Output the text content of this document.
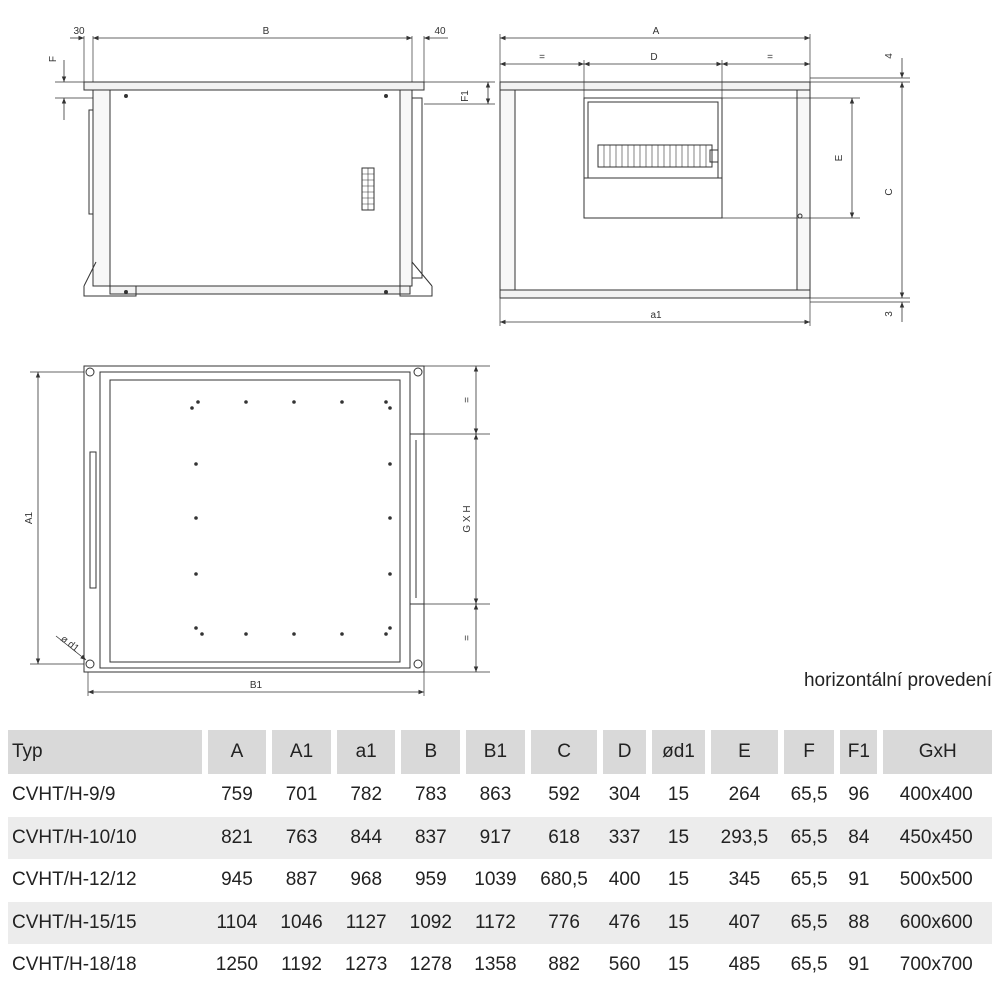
30	B	40
F
F1
A
=	D	=	4
E
C
3
a1
A1
=
G X H
=
ø d1
B1	horizontální provedení
Typ	A	A1	a1	B	B1	C	D	ød1	E	F	F1	GxH
CVHT/H-9/9	759	701	782	783	863	592	304	15	264	65,5	96	400x400
CVHT/H-10/10	821	763	844	837	917	618	337	15	293,5	65,5	84	450x450
CVHT/H-12/12	945	887	968	959	1039	680,5	400	15	345	65,5	91	500x500
CVHT/H-15/15	1104	1046	1127	1092	1172	776	476	15	407	65,5	88	600x600
CVHT/H-18/18	1250	1192	1273	1278	1358	882	560	15	485	65,5	91	700x700
